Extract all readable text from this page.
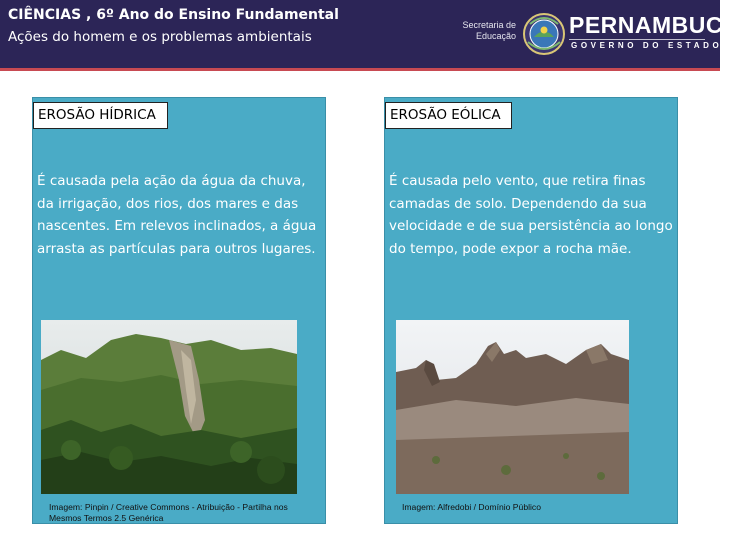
CIÊNCIAS , 6º Ano do Ensino Fundamental
Ações do homem e os problemas ambientais
Secretaria de
Educação PERNAMBUCO
GOVERNO DO ESTADO
EROSÃO HÍDRICA	EROSÃO EÓLICA
É causada pela ação da água da chuva, da irrigação, dos rios, dos mares e das nascentes. Em relevos inclinados, a água arrasta as partículas para outros lugares.
É causada pelo vento, que retira finas camadas de solo. Dependendo da sua velocidade e de sua persistência ao longo do tempo, pode expor a rocha mãe.
Imagem: Pinpin / Creative Commons - Atribuição - Partilha nos Mesmos Termos 2.5 Genérica
Imagem: Alfredobi / Domínio Público
